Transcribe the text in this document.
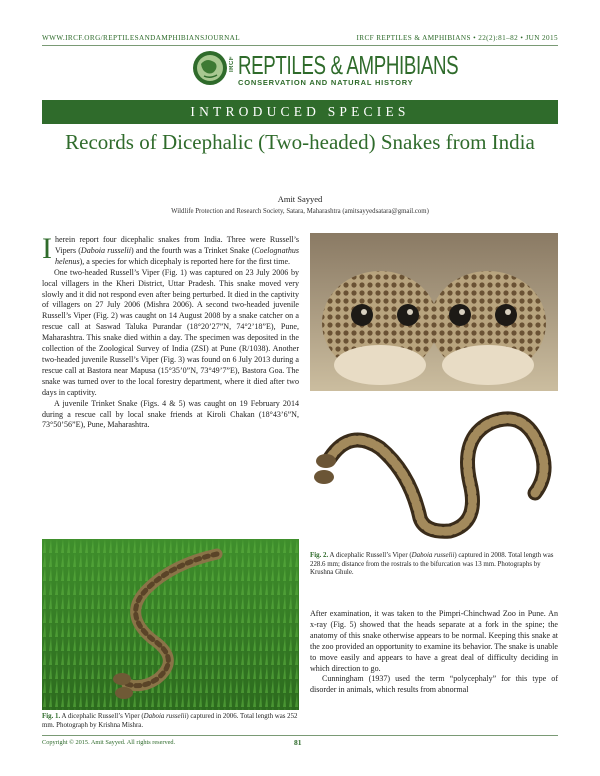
WWW.IRCF.ORG/REPTILESANDAMPHIBIANSJOURNAL	IRCF REPTILES & AMPHIBIANS • 22(2):81–82 • JUN 2015
IRCF REPTILES & AMPHIBIANS
CONSERVATION AND NATURAL HISTORY
INTRODUCED SPECIES
Records of Dicephalic (Two-headed) Snakes from India
Amit Sayyed
Wildlife Protection and Research Society, Satara, Maharashtra (amitsayyedsatara@gmail.com)

Iherein report four dicephalic snakes from India. Three were Russell’s Vipers (Daboia russelii) and the fourth was a Trinket Snake (Coelognathus helenus), a species for which dicephaly is reported here for the first time.

One two-headed Russell’s Viper (Fig. 1) was captured on 23 July 2006 by local villagers in the Kheri District, Uttar Pradesh. This snake moved very slowly and it did not respond even after being perturbed. It died in the captivity of villagers on 27 July 2006 (Mishra 2006). A second two-headed juvenile Russell’s Viper (Fig. 2) was caught on 14 August 2008 by a snake catcher on a rescue call at Saswad Taluka Purandar (18°20’27”N, 74°2’18”E), Pune, Maharashtra. This snake died within a day. The specimen was deposited in the collection of the Zoological Survey of India (ZSI) at Pune (R/1038). Another two-headed juvenile Russell’s Viper (Fig. 3) was found on 6 July 2013 during a rescue call at Bastora near Mapusa (15°35’0”N, 73°49’7”E), Bastora Goa. The snake was turned over to the local forestry department, where it died after two days in captivity.

A juvenile Trinket Snake (Figs. 4 & 5) was caught on 19 February 2014 during a rescue call by local snake friends at Kiroli Chakan (18°43’6”N, 73°50’56”E), Pune, Maharashtra.

Fig. 2. A dicephalic Russell’s Viper (Daboia russelii) captured in 2008. Total length was 228.6 mm; distance from the rostrals to the bifurcation was 13 mm. Photographs by Krushna Ghule.
Fig. 1. A dicephalic Russell’s Viper (Daboia russelii) captured in 2006. Total length was 252 mm. Photograph by Krishna Mishra.

After examination, it was taken to the Pimpri-Chinchwad Zoo in Pune. An x-ray (Fig. 5) showed that the heads separate at a fork in the spine; the anatomy of this snake otherwise appears to be normal. Keeping this snake at the zoo provided an opportunity to examine its behavior. The snake is unable to move easily and appears to have a great deal of difficulty deciding in which direction to go.

Cunningham (1937) used the term “polycephaly” for this type of disorder in animals, which results from abnormal

Copyright © 2015. Amit Sayyed. All rights reserved.	81
